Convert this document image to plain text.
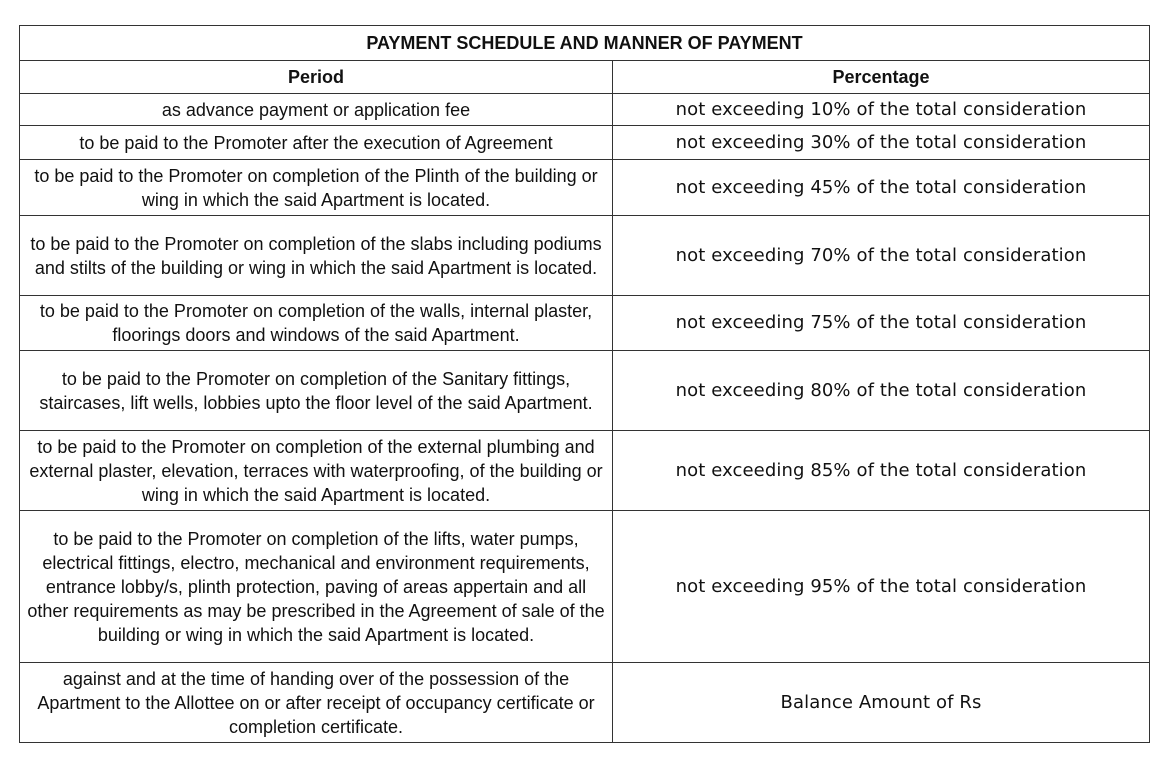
PAYMENT SCHEDULE AND MANNER OF PAYMENT	
Period	Percentage
as advance payment or application fee	not exceeding 10% of the total consideration
to be paid to the Promoter after the execution of Agreement	not exceeding 30% of the total consideration
to be paid to the Promoter on completion of the Plinth of the building or wing in which the said Apartment is located.	not exceeding 45% of the total consideration
to be paid to the Promoter on completion of the slabs including podiums and stilts of the building or wing in which the said Apartment is located.	not exceeding 70% of the total consideration
to be paid to the Promoter on completion of the walls, internal plaster, floorings doors and windows of the said Apartment.	not exceeding 75% of the total consideration
to be paid to the Promoter on completion of the Sanitary fittings, staircases, lift wells, lobbies upto the floor level of the said Apartment.	not exceeding 80% of the total consideration
to be paid to the Promoter on completion of the external plumbing and external plaster, elevation, terraces with waterproofing, of the building or wing in which the said Apartment is located.	not exceeding 85% of the total consideration
to be paid to the Promoter on completion of the lifts, water pumps, electrical fittings, electro, mechanical and environment requirements, entrance lobby/s, plinth protection, paving of areas appertain and all other requirements as may be prescribed in the Agreement of sale of the building or wing in which the said Apartment is located.	not exceeding 95% of the total consideration
against and at the time of handing over of the possession of the Apartment to the Allottee on or after receipt of occupancy certificate or completion certificate.	Balance Amount of Rs
